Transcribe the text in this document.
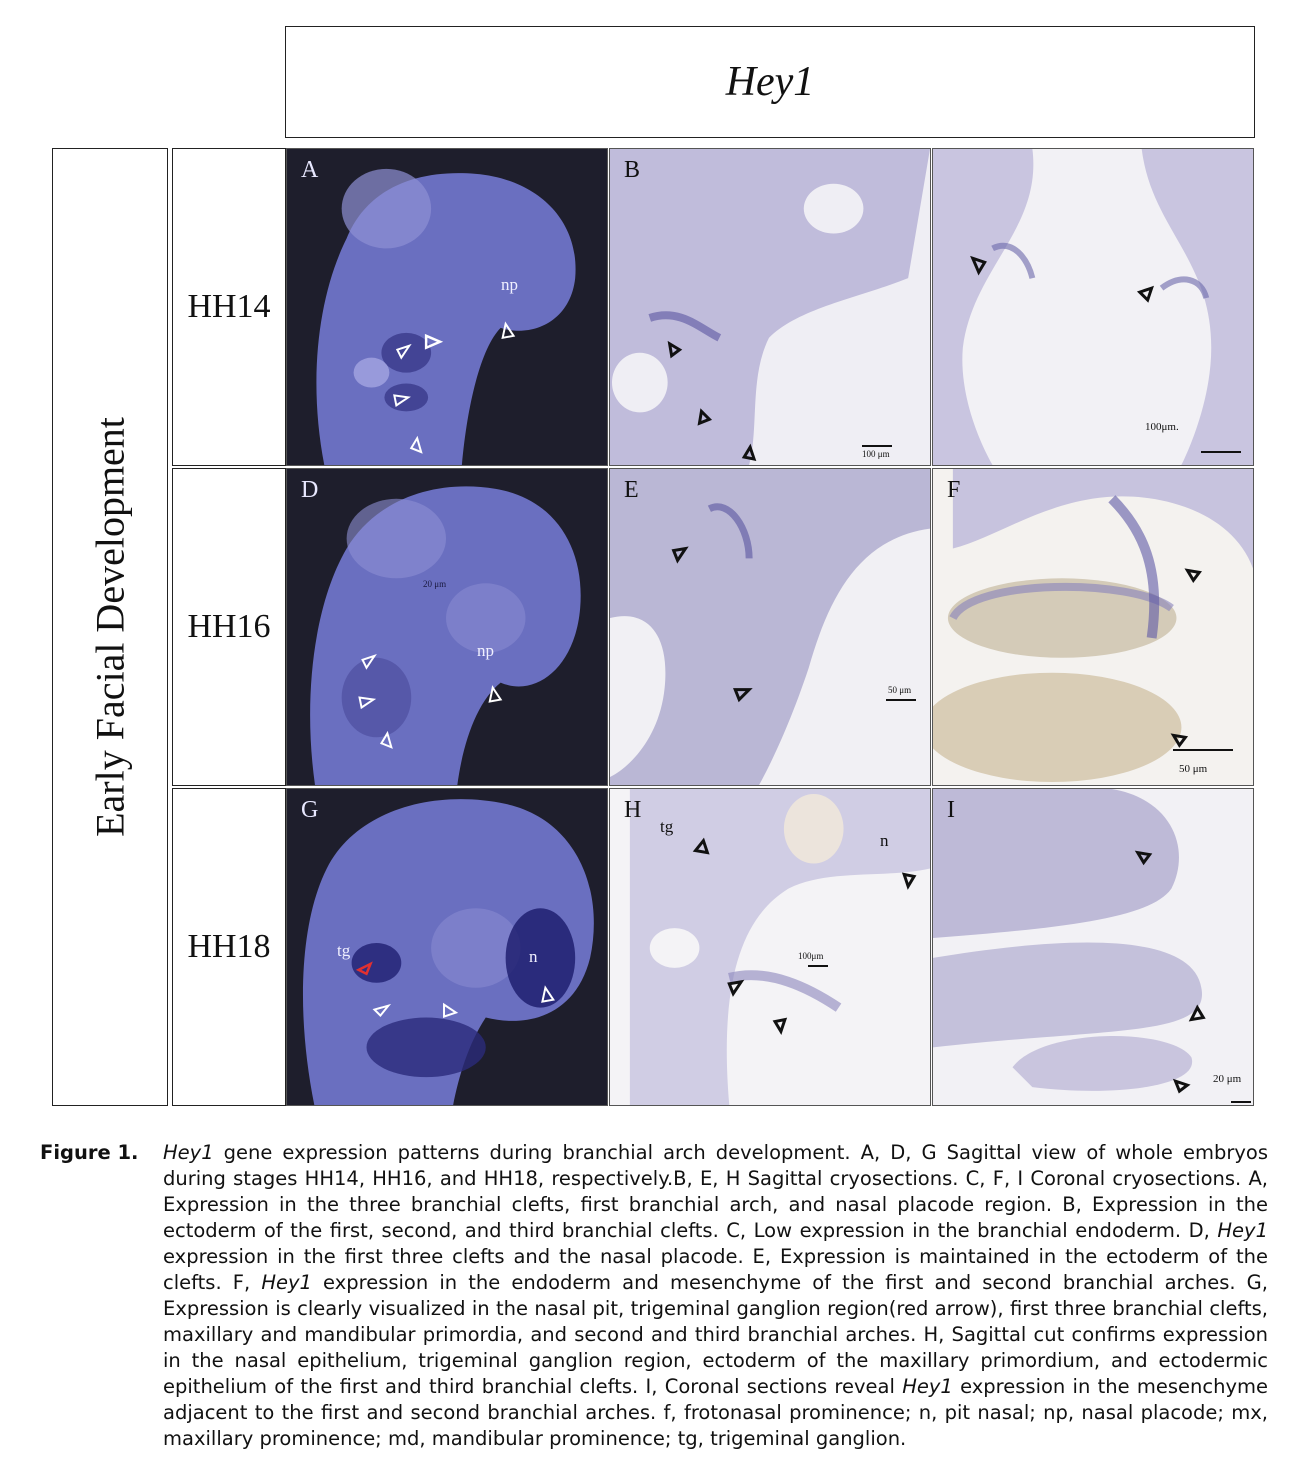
Hey1
Early Facial Development
HH14
HH16
HH18
A
np
B
100 μm
100μm.
D
np
20 μm
E
50 μm
F
50 μm
G
tg	n
H
tg
n
100μm
I
20 μm
Figure 1. Hey1 gene expression patterns during branchial arch development. A, D, G Sagittal view of whole embryos during stages HH14, HH16, and HH18, respectively.B, E, H Sagittal cryosections. C, F, I Coronal cryosections. A, Expression in the three branchial clefts, first branchial arch, and nasal placode region. B, Expression in the ectoderm of the first, second, and third branchial clefts. C, Low expression in the branchial endoderm. D, Hey1 expression in the first three clefts and the nasal placode. E, Expression is maintained in the ectoderm of the clefts. F, Hey1 expression in the endoderm and mesenchyme of the first and second branchial arches. G, Expression is clearly visualized in the nasal pit, trigeminal ganglion region(red arrow), first three branchial clefts, maxillary and mandibular primordia, and second and third branchial arches. H, Sagittal cut confirms expression in the nasal epithelium, trigeminal ganglion region, ectoderm of the maxillary primordium, and ectodermic epithelium of the first and third branchial clefts. I, Coronal sections reveal Hey1 expression in the mesenchyme adjacent to the first and second branchial arches. f, frotonasal prominence; n, pit nasal; np, nasal placode; mx, maxillary prominence; md, mandibular prominence; tg, trigeminal ganglion.
